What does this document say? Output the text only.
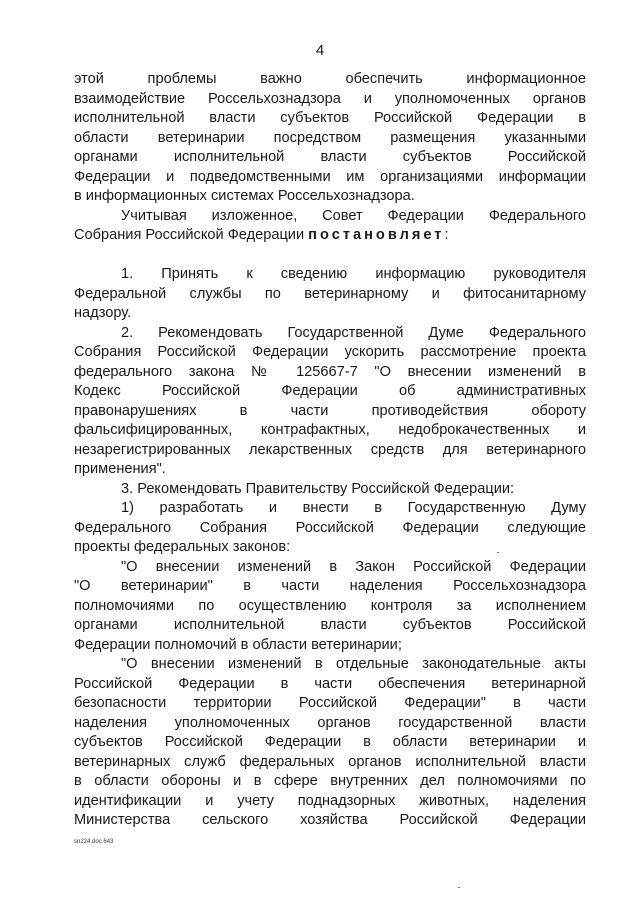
4
этой проблемы важно обеспечить информационное
взаимодействие Россельхознадзора и уполномоченных органов
исполнительной власти субъектов Российской Федерации в
области ветеринарии посредством размещения указанными
органами исполнительной власти субъектов Российской
Федерации и подведомственными им организациями информации
в информационных системах Россельхознадзора.
Учитывая изложенное, Совет Федерации Федерального
Собрания Российской Федерации постановляет:
1. Принять к сведению информацию руководителя
Федеральной службы по ветеринарному и фитосанитарному
надзору.
2. Рекомендовать Государственной Думе Федерального
Собрания Российской Федерации ускорить рассмотрение проекта
федерального закона № 125667-7 "О внесении изменений в
Кодекс Российской Федерации об административных
правонарушениях в части противодействия обороту
фальсифицированных, контрафактных, недоброкачественных и
незарегистрированных лекарственных средств для ветеринарного
применения".
3. Рекомендовать Правительству Российской Федерации:
1) разработать и внести в Государственную Думу
Федерального Собрания Российской Федерации следующие
проекты федеральных законов:
"О внесении изменений в Закон Российской Федерации
"О ветеринарии" в части наделения Россельхознадзора
полномочиями по осуществлению контроля за исполнением
органами исполнительной власти субъектов Российской
Федерации полномочий в области ветеринарии;
"О внесении изменений в отдельные законодательные акты
Российской Федерации в части обеспечения ветеринарной
безопасности территории Российской Федерации" в части
наделения уполномоченных органов государственной власти
субъектов Российской Федерации в области ветеринарии и
ветеринарных служб федеральных органов исполнительной власти
в области обороны и в сфере внутренних дел полномочиями по
идентификации и учету поднадзорных животных, наделения
Министерства сельского хозяйства Российской Федерации
sn224.doc 643
